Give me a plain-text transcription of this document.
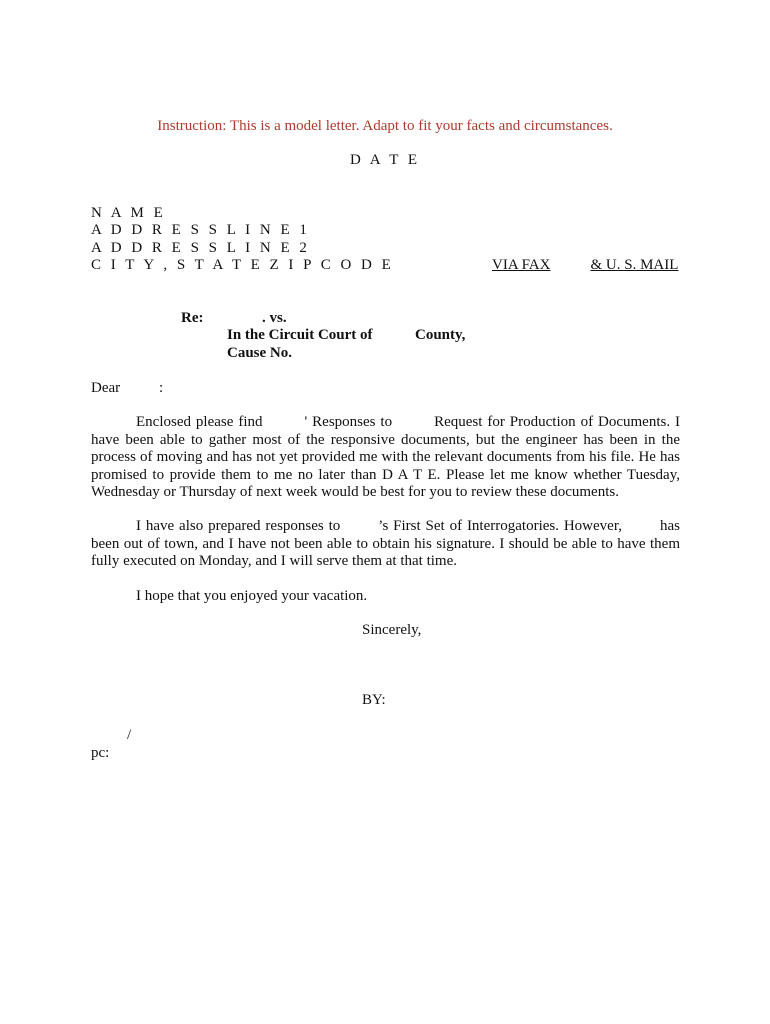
Instruction: This is a model letter. Adapt to fit your facts and circumstances.
D A T E
N A M E
A D D R E S S L I N E 1
A D D R E S S L I N E 2
C I T Y , S T A T E Z I P C O D E	VIA FAX	& U. S. MAIL
Re:	. vs.
In the Circuit Court of	County,
Cause No.
Dear	:
Enclosed please find	' Responses to	Request for Production of Documents. I have been able to gather most of the responsive documents, but the engineer has been in the process of moving and has not yet provided me with the relevant documents from his file. He has promised to provide them to me no later than D A T E. Please let me know whether Tuesday, Wednesday or Thursday of next week would be best for you to review these documents.
I have also prepared responses to	’s First Set of Interrogatories. However,	has been out of town, and I have not been able to obtain his signature. I should be able to have them fully executed on Monday, and I will serve them at that time.
I hope that you enjoyed your vacation.
Sincerely,
BY:
/
pc:
